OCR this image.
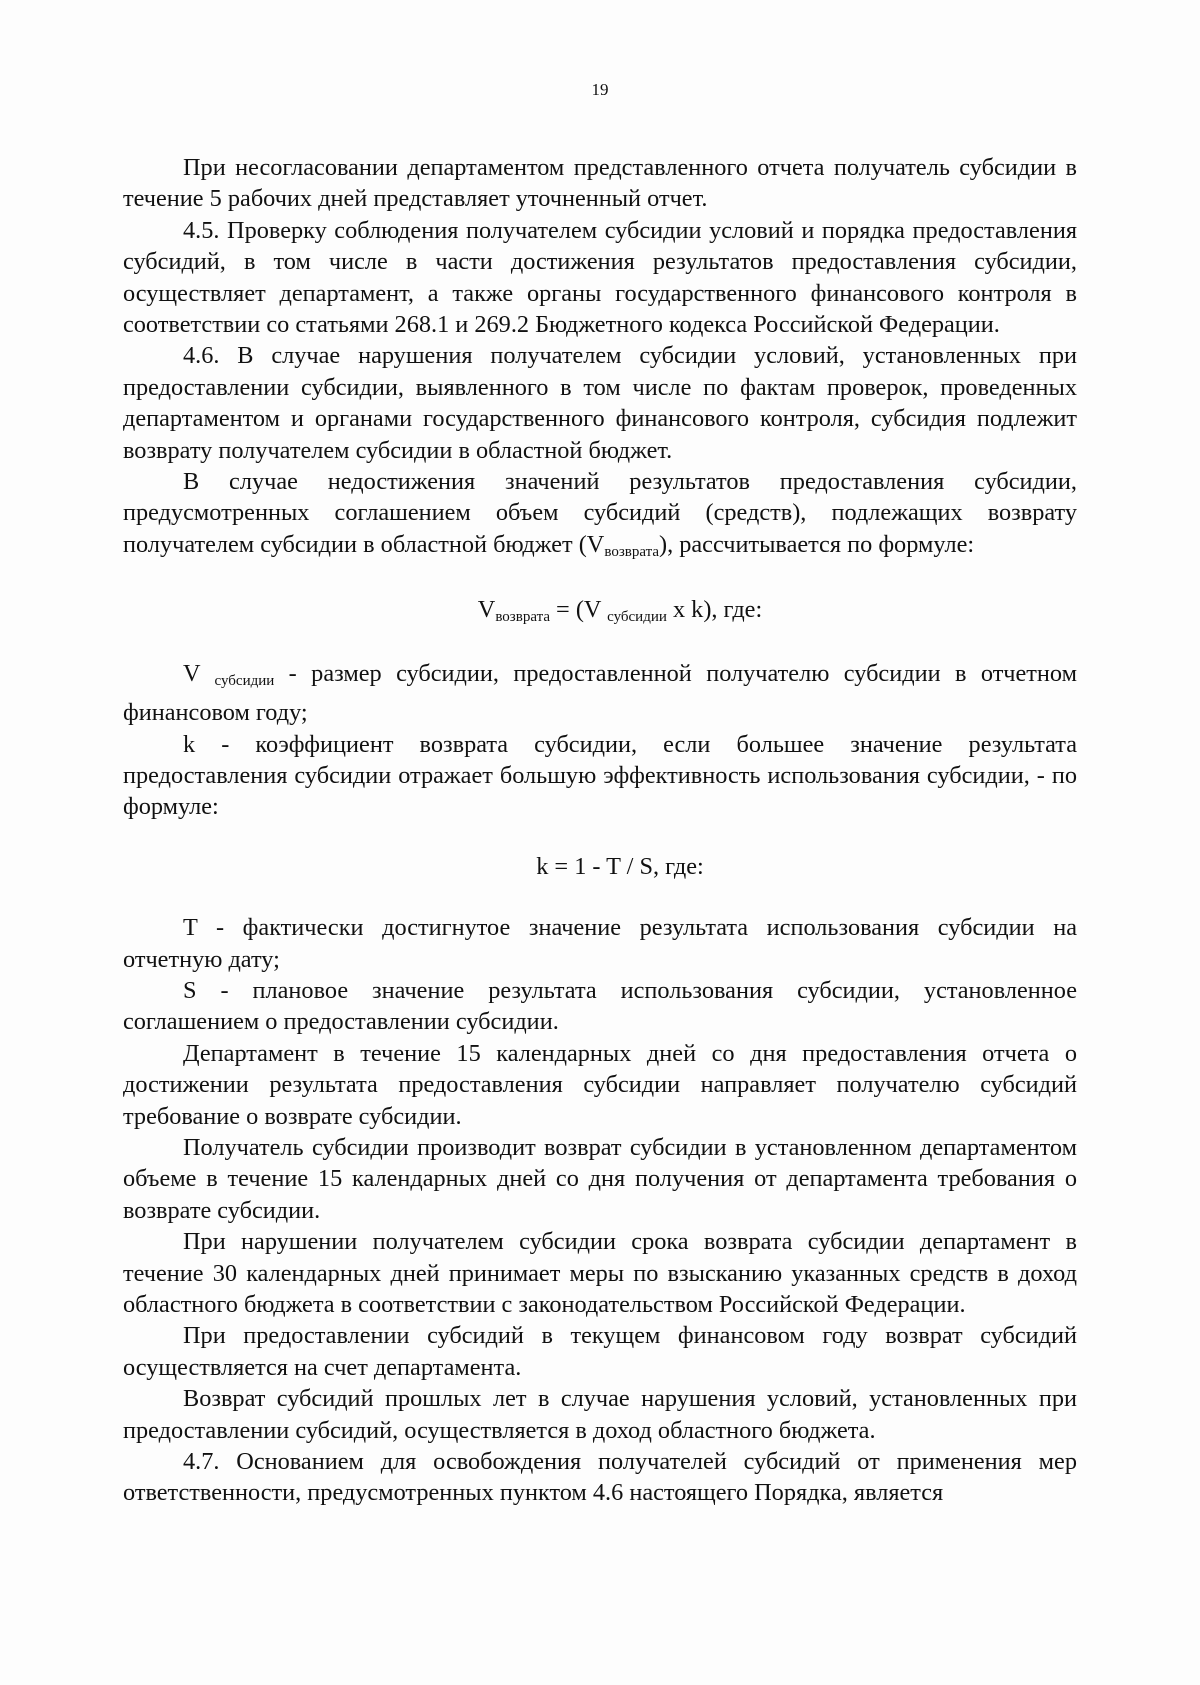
19

При несогласовании департаментом представленного отчета получатель субсидии в течение 5 рабочих дней представляет уточненный отчет.

4.5. Проверку соблюдения получателем субсидии условий и порядка предоставления субсидий, в том числе в части достижения результатов предоставления субсидии, осуществляет департамент, а также органы государственного финансового контроля в соответствии со статьями 268.1 и 269.2 Бюджетного кодекса Российской Федерации.

4.6. В случае нарушения получателем субсидии условий, установленных при предоставлении субсидии, выявленного в том числе по фактам проверок, проведенных департаментом и органами государственного финансового контроля, субсидия подлежит возврату получателем субсидии в областной бюджет.

В случае недостижения значений результатов предоставления субсидии, предусмотренных соглашением объем субсидий (средств), подлежащих возврату получателем субсидии в областной бюджет $(V_{возврата})$, рассчитывается по формуле:

$V_{возврата} = (V$ $_{субсидии}$ x k), где:

V $_{субсидии}$ - размер субсидии, предоставленной получателю субсидии в отчетном финансовом году;

k - коэффициент возврата субсидии, если большее значение результата предоставления субсидии отражает большую эффективность использования субсидии, - по формуле:

k = 1 - T / S, где:

T - фактически достигнутое значение результата использования субсидии на отчетную дату;

S - плановое значение результата использования субсидии, установленное соглашением о предоставлении субсидии.

Департамент в течение 15 календарных дней со дня предоставления отчета о достижении результата предоставления субсидии направляет получателю субсидий требование о возврате субсидии.

Получатель субсидии производит возврат субсидии в установленном департаментом объеме в течение 15 календарных дней со дня получения от департамента требования о возврате субсидии.

При нарушении получателем субсидии срока возврата субсидии департамент в течение 30 календарных дней принимает меры по взысканию указанных средств в доход областного бюджета в соответствии с законодательством Российской Федерации.

При предоставлении субсидий в текущем финансовом году возврат субсидий осуществляется на счет департамента.

Возврат субсидий прошлых лет в случае нарушения условий, установленных при предоставлении субсидий, осуществляется в доход областного бюджета.

4.7. Основанием для освобождения получателей субсидий от применения мер ответственности, предусмотренных пунктом 4.6 настоящего Порядка, является
